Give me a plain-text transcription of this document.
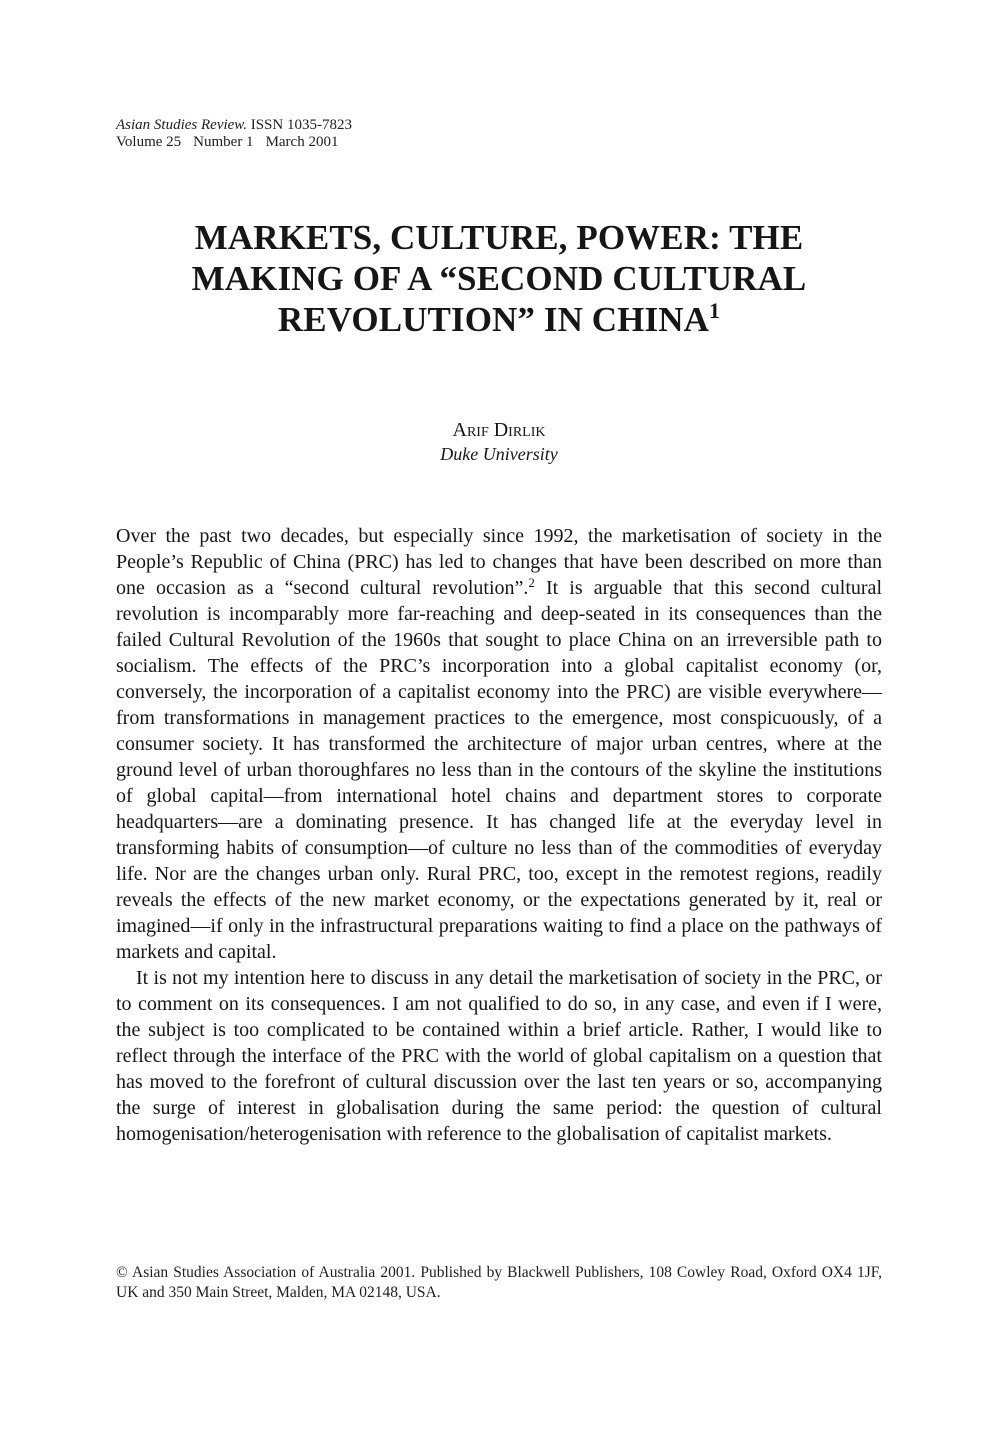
Asian Studies Review. ISSN 1035-7823
Volume 25 Number 1 March 2001
MARKETS, CULTURE, POWER: THE
MAKING OF A “SECOND CULTURAL
REVOLUTION” IN CHINA$^1$
Arif Dirlik
Duke University

Over the past two decades, but especially since 1992, the marketisation of society in the People’s Republic of China (PRC) has led to changes that have been described on more than one occasion as a “second cultural revolution”.$^2$ It is arguable that this second cultural revolution is incomparably more far-reaching and deep-seated in its consequences than the failed Cultural Revolution of the 1960s that sought to place China on an irreversible path to socialism. The effects of the PRC’s incorporation into a global capitalist economy (or, conversely, the incorporation of a capitalist economy into the PRC) are visible everywhere—from transformations in management practices to the emergence, most conspicuously, of a consumer society. It has transformed the architecture of major urban centres, where at the ground level of urban thoroughfares no less than in the contours of the skyline the institutions of global capital—from international hotel chains and department stores to corporate headquarters—are a dominating presence. It has changed life at the everyday level in transforming habits of consumption—of culture no less than of the commodities of everyday life. Nor are the changes urban only. Rural PRC, too, except in the remotest regions, readily reveals the effects of the new market economy, or the expectations generated by it, real or imagined—if only in the infrastructural preparations waiting to find a place on the pathways of markets and capital.

It is not my intention here to discuss in any detail the marketisation of society in the PRC, or to comment on its consequences. I am not qualified to do so, in any case, and even if I were, the subject is too complicated to be contained within a brief article. Rather, I would like to reflect through the interface of the PRC with the world of global capitalism on a question that has moved to the forefront of cultural discussion over the last ten years or so, accompanying the surge of interest in globalisation during the same period: the question of cultural homogenisation/heterogenisation with reference to the globalisation of capitalist markets.

© Asian Studies Association of Australia 2001. Published by Blackwell Publishers, 108 Cowley Road, Oxford OX4 1JF, UK and 350 Main Street, Malden, MA 02148, USA.
